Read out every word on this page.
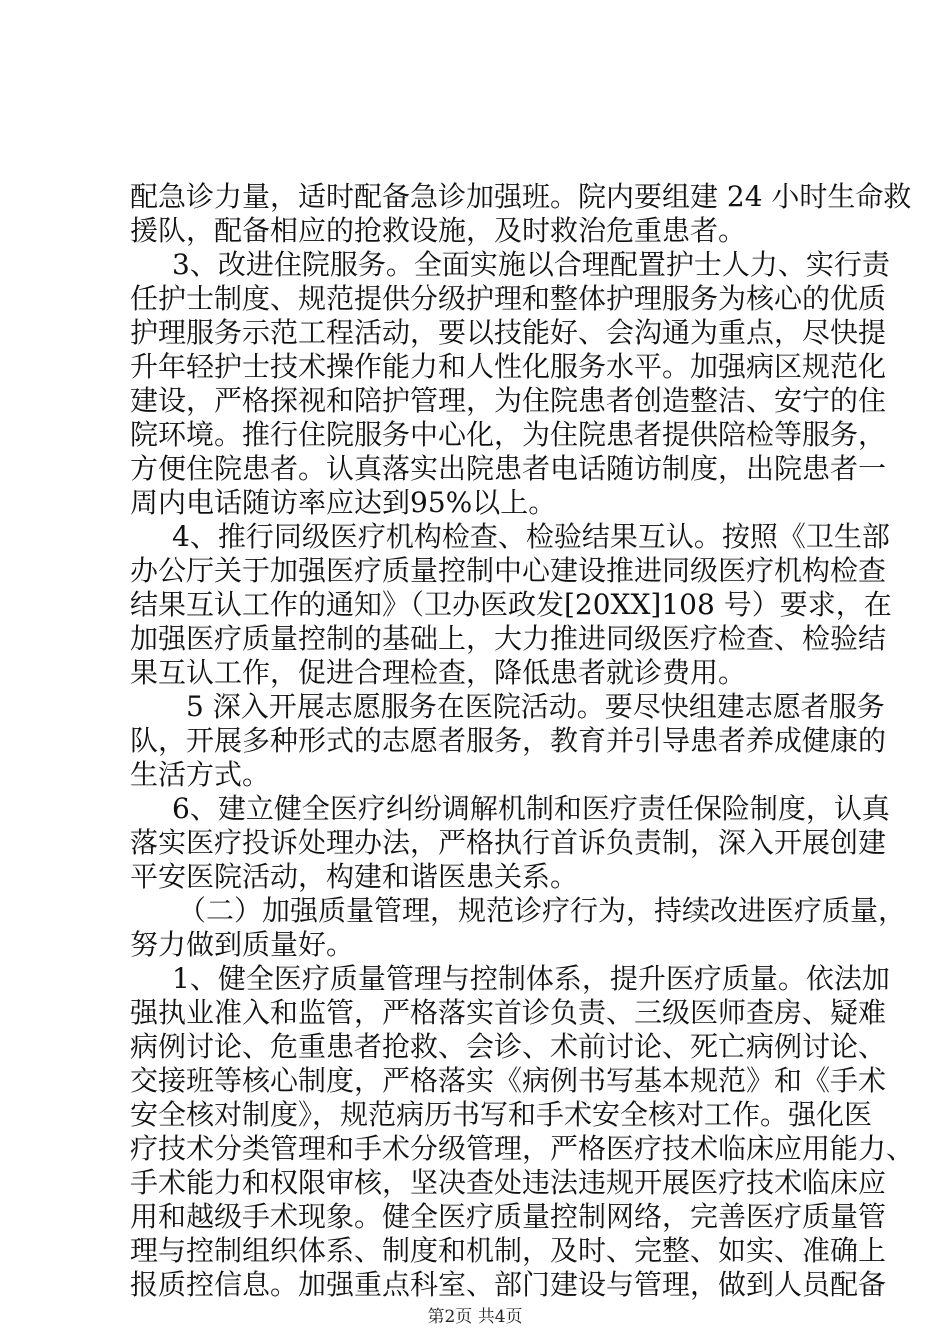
配急诊力量，适时配备急诊加强班。院内要组建 24 小时生命救
援队，配备相应的抢救设施，及时救治危重患者。
3、改进住院服务。全面实施以合理配置护士人力、实行责
任护士制度、规范提供分级护理和整体护理服务为核心的优质
护理服务示范工程活动，要以技能好、会沟通为重点，尽快提
升年轻护士技术操作能力和人性化服务水平。加强病区规范化
建设，严格探视和陪护管理，为住院患者创造整洁、安宁的住
院环境。推行住院服务中心化，为住院患者提供陪检等服务，
方便住院患者。认真落实出院患者电话随访制度，出院患者一
周内电话随访率应达到95%以上。
4、推行同级医疗机构检查、检验结果互认。按照《卫生部
办公厅关于加强医疗质量控制中心建设推进同级医疗机构检查
结果互认工作的通知》（卫办医政发[20XX]108 号）要求，在
加强医疗质量控制的基础上，大力推进同级医疗检查、检验结
果互认工作，促进合理检查，降低患者就诊费用。
5 深入开展志愿服务在医院活动。要尽快组建志愿者服务
队，开展多种形式的志愿者服务，教育并引导患者养成健康的
生活方式。
6、建立健全医疗纠纷调解机制和医疗责任保险制度，认真
落实医疗投诉处理办法，严格执行首诉负责制，深入开展创建
平安医院活动，构建和谐医患关系。
（二）加强质量管理，规范诊疗行为，持续改进医疗质量，
努力做到质量好。
1、健全医疗质量管理与控制体系，提升医疗质量。依法加
强执业准入和监管，严格落实首诊负责、三级医师查房、疑难
病例讨论、危重患者抢救、会诊、术前讨论、死亡病例讨论、
交接班等核心制度，严格落实《病例书写基本规范》和《手术
安全核对制度》，规范病历书写和手术安全核对工作。强化医
疗技术分类管理和手术分级管理，严格医疗技术临床应用能力、
手术能力和权限审核，坚决查处违法违规开展医疗技术临床应
用和越级手术现象。健全医疗质量控制网络，完善医疗质量管
理与控制组织体系、制度和机制，及时、完整、如实、准确上
报质控信息。加强重点科室、部门建设与管理，做到人员配备
第2页 共4页
